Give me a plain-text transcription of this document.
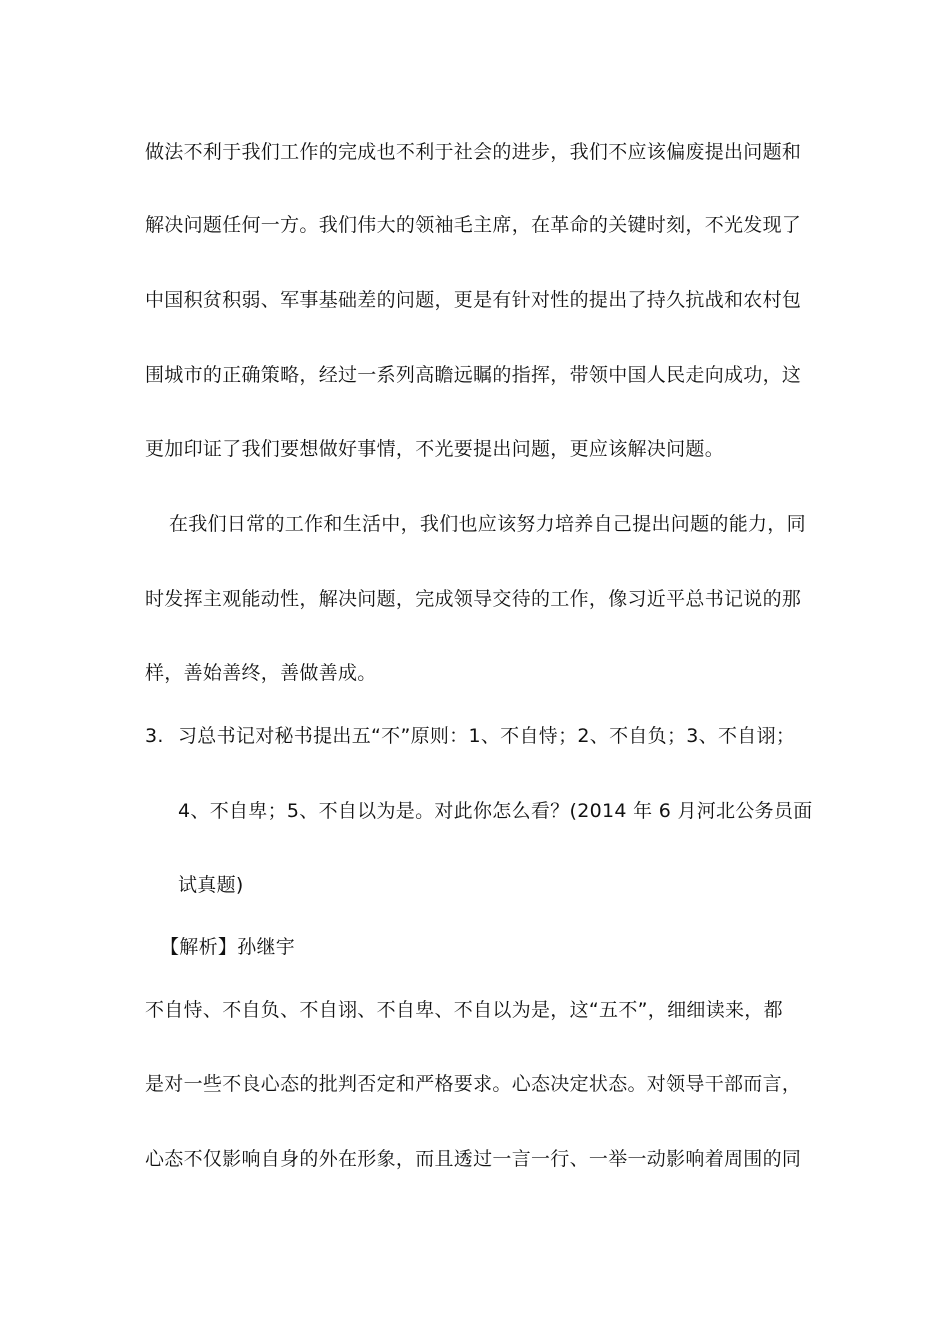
做法不利于我们工作的完成也不利于社会的进步，我们不应该偏废提出问题和
解决问题任何一方。我们伟大的领袖毛主席，在革命的关键时刻，不光发现了
中国积贫积弱、军事基础差的问题，更是有针对性的提出了持久抗战和农村包
围城市的正确策略，经过一系列高瞻远瞩的指挥，带领中国人民走向成功，这
更加印证了我们要想做好事情，不光要提出问题，更应该解决问题。
在我们日常的工作和生活中，我们也应该努力培养自己提出问题的能力，同
时发挥主观能动性，解决问题，完成领导交待的工作，像习近平总书记说的那
样，善始善终，善做善成。
3. 习总书记对秘书提出五“不”原则：1、不自恃；2、不自负；3、不自诩；
4、不自卑；5、不自以为是。对此你怎么看？(2014 年 6 月河北公务员面
试真题)
【解析】孙继宇
不自恃、不自负、不自诩、不自卑、不自以为是，这“五不”，细细读来，都
是对一些不良心态的批判否定和严格要求。心态决定状态。对领导干部而言，
心态不仅影响自身的外在形象，而且透过一言一行、一举一动影响着周围的同
